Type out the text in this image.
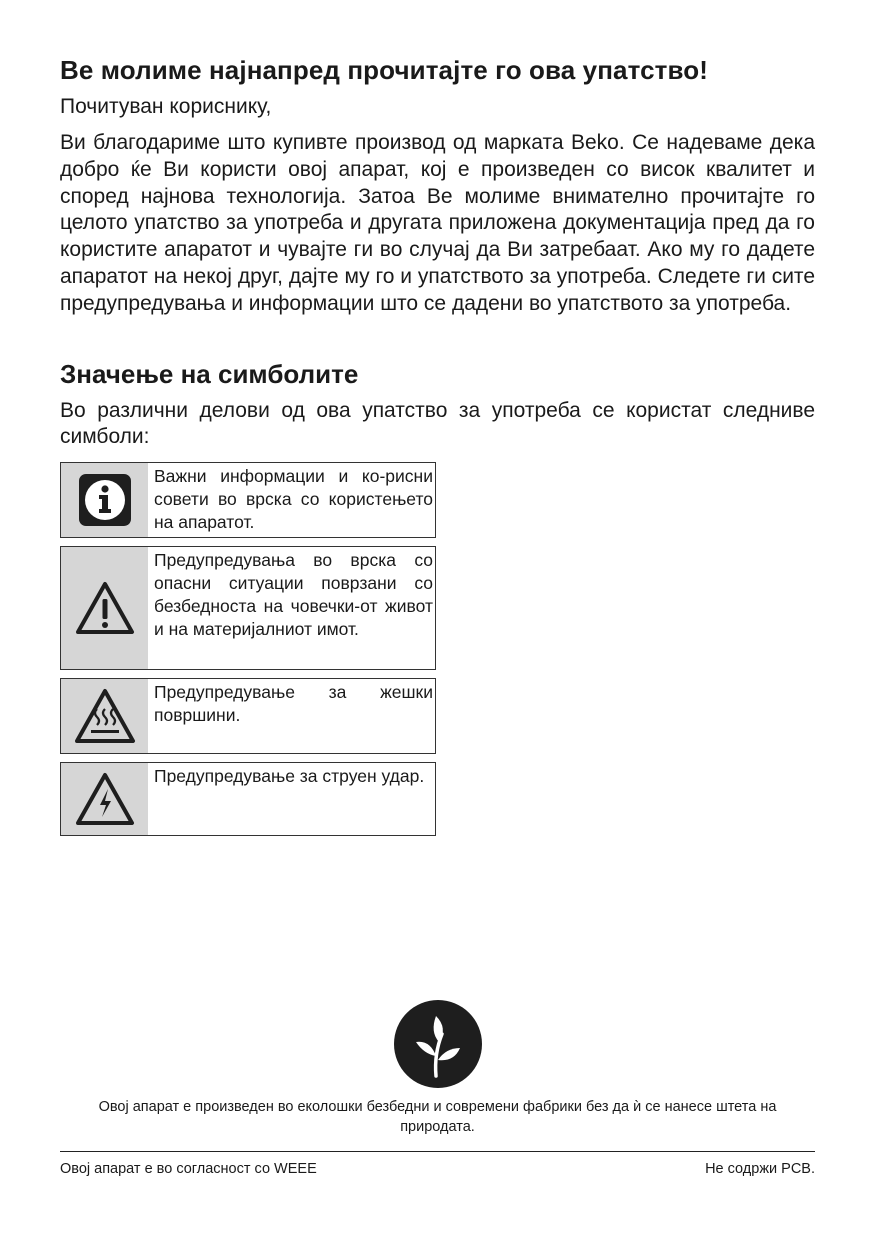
Ве молиме најнапред прочитајте го ова упатство!

Почитуван кориснику,

Ви благодариме што купивте производ од марката Beko. Се надеваме дека добро ќе Ви користи овој апарат, кој е произведен со висок квалитет и според најнова технологија. Затоа Ве молиме внимателно прочитајте го целото упатство за употреба и другата приложена документација пред да го користите апаратот и чувајте ги во случај да Ви затребаат. Ако му го дадете апаратот на некој друг, дајте му го и упатството за употреба. Следете ги сите предупредувања и информации што се дадени во упатството за употреба.

Значење на симболите

Во различни делови од ова упатство за употреба се користат следниве симболи:

Важни информации и ко-рисни совети во врска со користењето на апаратот.
Предупредувања во врска со опасни ситуации поврзани со безбедноста на човечки-от живот и на материјалниот имот.
Предупредување за жешки површини.
Предупредување за струен удар.
Овој апарат е произведен во еколошки безбедни и современи фабрики без да ѝ се нанесе штета на природата.
Овој апарат е во согласност со WEEE	Не содржи PCB.
